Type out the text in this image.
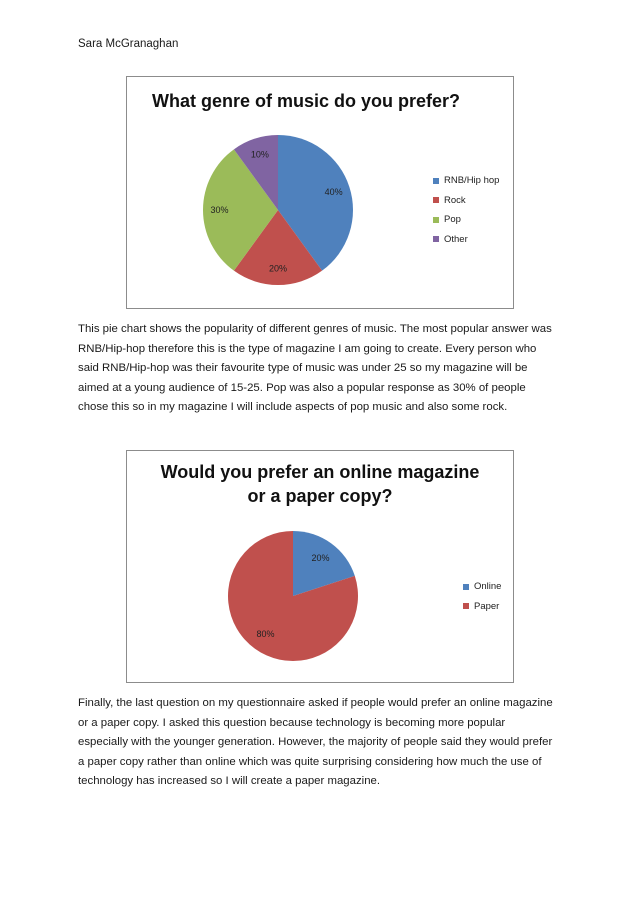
Sara McGranaghan
What genre of music do you prefer?
40%
20%
30%
10%
RNB/Hip hop
Rock
Pop
Other

This pie chart shows the popularity of different genres of music. The most popular answer was RNB/Hip-hop therefore this is the type of magazine I am going to create. Every person who said RNB/Hip-hop was their favourite type of music was under 25 so my magazine will be aimed at a young audience of 15-25. Pop was also a popular response as 30% of people chose this so in my magazine I will include aspects of pop music and also some rock.

Would you prefer an online magazine
or a paper copy?
20%
80%
Online
Paper

Finally, the last question on my questionnaire asked if people would prefer an online magazine or a paper copy. I asked this question because technology is becoming more popular especially with the younger generation. However, the majority of people said they would prefer a paper copy rather than online which was quite surprising considering how much the use of technology has increased so I will create a paper magazine.
